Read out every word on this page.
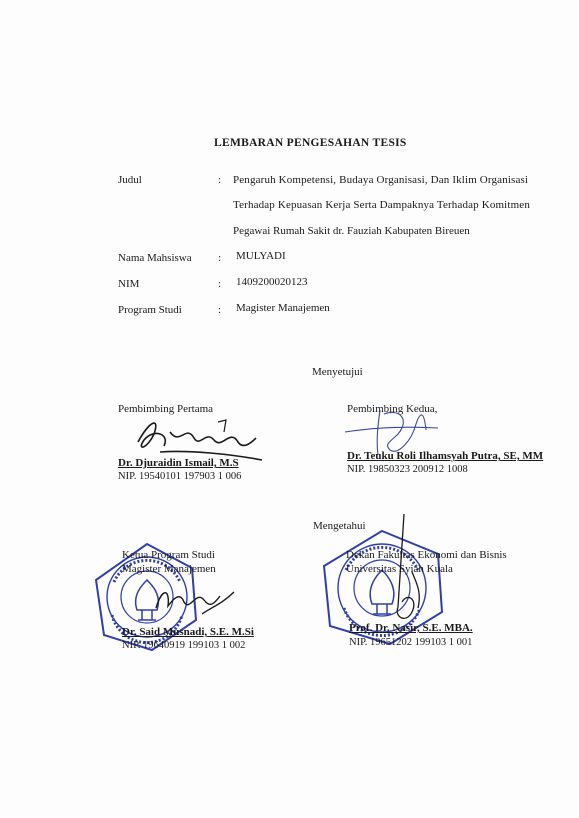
LEMBARAN PENGESAHAN TESIS
Judul	: Pengaruh Kompetensi, Budaya Organisasi, Dan Iklim Organisasi
Terhadap Kepuasan Kerja Serta Dampaknya Terhadap Komitmen
Pegawai Rumah Sakit dr. Fauziah Kabupaten Bireuen
Nama Mahsiswa : MULYADI
NIM	: 1409200020123
Program Studi	: Magister Manajemen
Menyetujui
Pembimbing Pertama
Dr. Djuraidin Ismail, M.S
NIP. 19540101 197903 1 006
Pembimbing Kedua,
Dr. Teuku Roli Ilhamsyah Putra, SE, MM
NIP. 19850323 200912 1008
Mengetahui
Ketua Program Studi
Magister Manajemen
Dr. Said Musnadi, S.E. M.Si
NIP. 19640919 199103 1 002
Dekan Fakultas Ekonomi dan Bisnis
Universitas Syiah Kuala
Prof. Dr. Nasir, S.E. MBA.
NIP. 19651202 199103 1 001
